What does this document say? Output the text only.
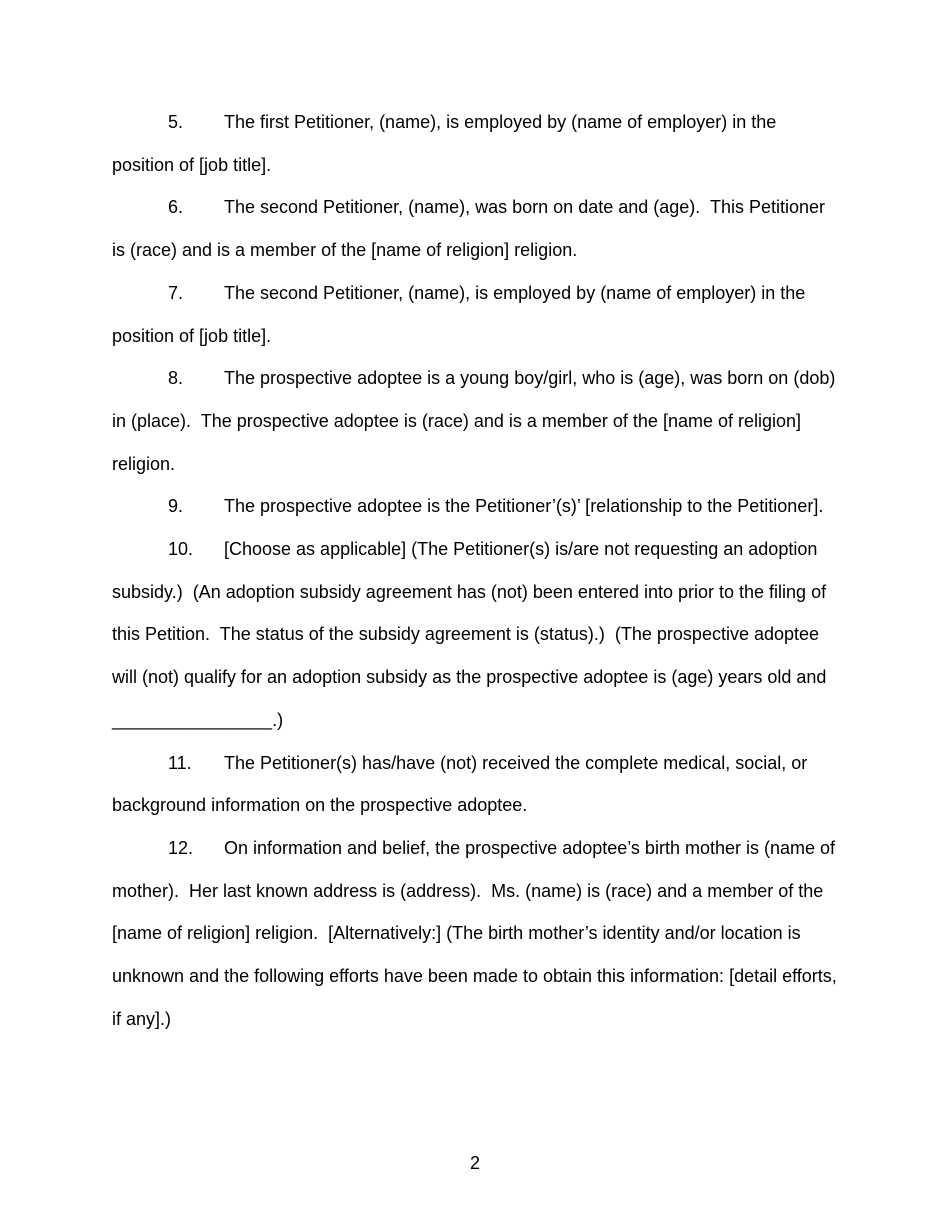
5. The first Petitioner, (name), is employed by (name of employer) in the position of [job title].

6. The second Petitioner, (name), was born on date and (age).  This Petitioner is (race) and is a member of the [name of religion] religion.

7. The second Petitioner, (name), is employed by (name of employer) in the position of [job title].

8. The prospective adoptee is a young boy/girl, who is (age), was born on (dob) in (place).  The prospective adoptee is (race) and is a member of the [name of religion] religion.

9. The prospective adoptee is the Petitioner’(s)’ [relationship to the Petitioner].

10. [Choose as applicable] (The Petitioner(s) is/are not requesting an adoption subsidy.)  (An adoption subsidy agreement has (not) been entered into prior to the filing of this Petition.  The status of the subsidy agreement is (status).)  (The prospective adoptee will (not) qualify for an adoption subsidy as the prospective adoptee is (age) years old and ________________.)

11. The Petitioner(s) has/have (not) received the complete medical, social, or background information on the prospective adoptee.

12. On information and belief, the prospective adoptee’s birth mother is (name of mother).  Her last known address is (address).  Ms. (name) is (race) and a member of the [name of religion] religion.  [Alternatively:] (The birth mother’s identity and/or location is unknown and the following efforts have been made to obtain this information: [detail efforts, if any].)

2
